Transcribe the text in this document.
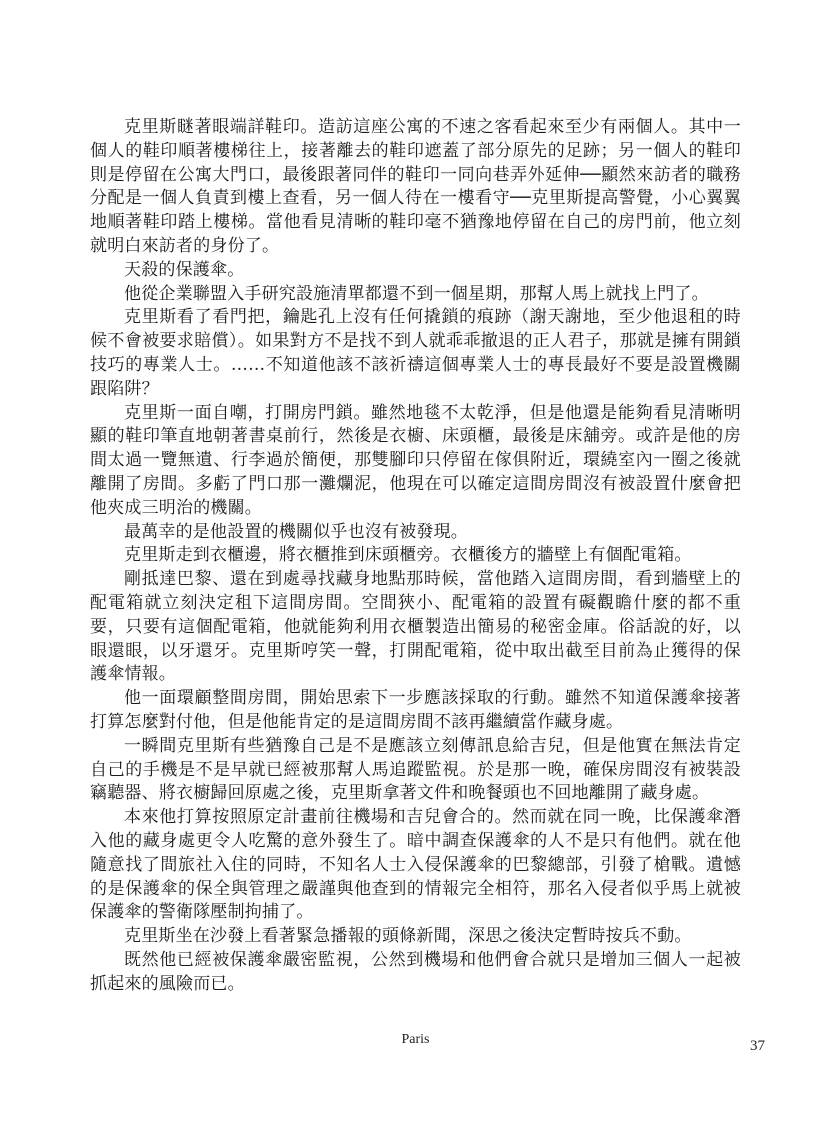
克里斯瞇著眼端詳鞋印。造訪這座公寓的不速之客看起來至少有兩個人。其中一個人的鞋印順著樓梯往上，接著離去的鞋印遮蓋了部分原先的足跡；另一個人的鞋印則是停留在公寓大門口，最後跟著同伴的鞋印一同向巷弄外延伸──顯然來訪者的職務分配是一個人負責到樓上查看，另一個人待在一樓看守──克里斯提高警覺，小心翼翼地順著鞋印踏上樓梯。當他看見清晰的鞋印毫不猶豫地停留在自己的房門前，他立刻就明白來訪者的身份了。

天殺的保護傘。

他從企業聯盟入手研究設施清單都還不到一個星期，那幫人馬上就找上門了。

克里斯看了看門把，鑰匙孔上沒有任何撬鎖的痕跡（謝天謝地，至少他退租的時候不會被要求賠償）。如果對方不是找不到人就乖乖撤退的正人君子，那就是擁有開鎖技巧的專業人士。……不知道他該不該祈禱這個專業人士的專長最好不要是設置機關跟陷阱？

克里斯一面自嘲，打開房門鎖。雖然地毯不太乾淨，但是他還是能夠看見清晰明顯的鞋印筆直地朝著書桌前行，然後是衣櫥、床頭櫃，最後是床舖旁。或許是他的房間太過一覽無遺、行李過於簡便，那雙腳印只停留在傢俱附近，環繞室內一圈之後就離開了房間。多虧了門口那一灘爛泥，他現在可以確定這間房間沒有被設置什麼會把他夾成三明治的機關。

最萬幸的是他設置的機關似乎也沒有被發現。

克里斯走到衣櫃邊，將衣櫃推到床頭櫃旁。衣櫃後方的牆壁上有個配電箱。

剛抵達巴黎、還在到處尋找藏身地點那時候，當他踏入這間房間，看到牆壁上的配電箱就立刻決定租下這間房間。空間狹小、配電箱的設置有礙觀瞻什麼的都不重要，只要有這個配電箱，他就能夠利用衣櫃製造出簡易的秘密金庫。俗話說的好，以眼還眼，以牙還牙。克里斯哼笑一聲，打開配電箱，從中取出截至目前為止獲得的保護傘情報。

他一面環顧整間房間，開始思索下一步應該採取的行動。雖然不知道保護傘接著打算怎麼對付他，但是他能肯定的是這間房間不該再繼續當作藏身處。

一瞬間克里斯有些猶豫自己是不是應該立刻傳訊息給吉兒，但是他實在無法肯定自己的手機是不是早就已經被那幫人馬追蹤監視。於是那一晚，確保房間沒有被裝設竊聽器、將衣櫥歸回原處之後，克里斯拿著文件和晚餐頭也不回地離開了藏身處。

本來他打算按照原定計畫前往機場和吉兒會合的。然而就在同一晚，比保護傘潛入他的藏身處更令人吃驚的意外發生了。暗中調查保護傘的人不是只有他們。就在他隨意找了間旅社入住的同時，不知名人士入侵保護傘的巴黎總部，引發了槍戰。遺憾的是保護傘的保全與管理之嚴謹與他查到的情報完全相符，那名入侵者似乎馬上就被保護傘的警衛隊壓制拘捕了。

克里斯坐在沙發上看著緊急播報的頭條新聞，深思之後決定暫時按兵不動。

既然他已經被保護傘嚴密監視，公然到機場和他們會合就只是增加三個人一起被抓起來的風險而已。

Paris	37
